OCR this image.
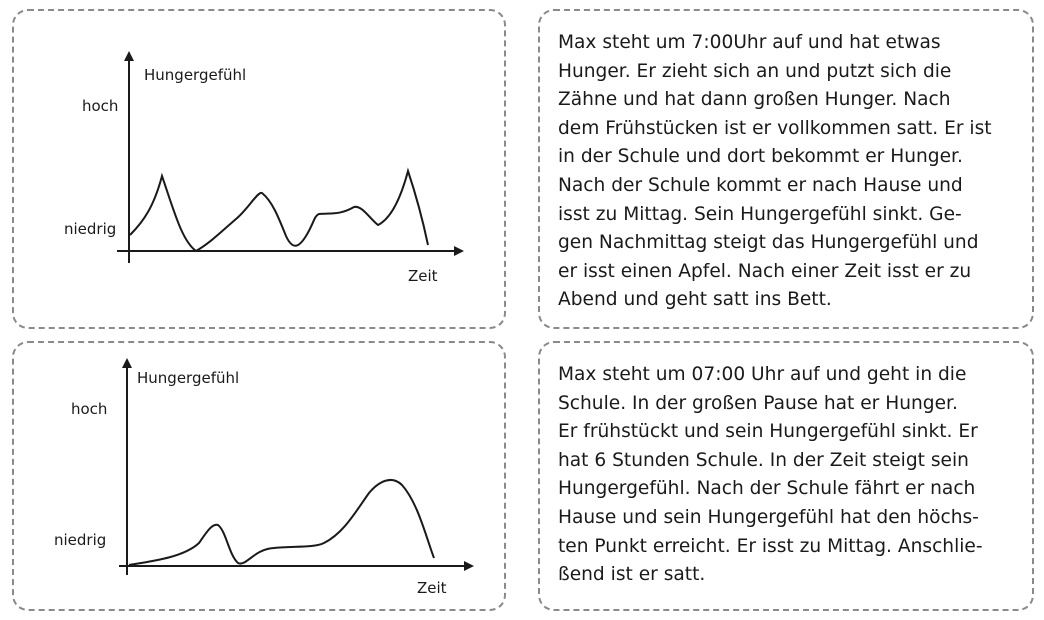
Hungergefühl
hoch
niedrig
Zeit

Max steht um 7:00Uhr auf und hat etwas
Hunger. Er zieht sich an und putzt sich die
Zähne und hat dann großen Hunger. Nach
dem Frühstücken ist er vollkommen satt. Er ist
in der Schule und dort bekommt er Hunger.
Nach der Schule kommt er nach Hause und
isst zu Mittag. Sein Hungergefühl sinkt. Ge-
gen Nachmittag steigt das Hungergefühl und
er isst einen Apfel. Nach einer Zeit isst er zu
Abend und geht satt ins Bett.

Hungergefühl
hoch
niedrig
Zeit

Max steht um 07:00 Uhr auf und geht in die
Schule. In der großen Pause hat er Hunger.
Er frühstückt und sein Hungergefühl sinkt. Er
hat 6 Stunden Schule. In der Zeit steigt sein
Hungergefühl. Nach der Schule fährt er nach
Hause und sein Hungergefühl hat den höchs-
ten Punkt erreicht. Er isst zu Mittag. Anschlie-
ßend ist er satt.
